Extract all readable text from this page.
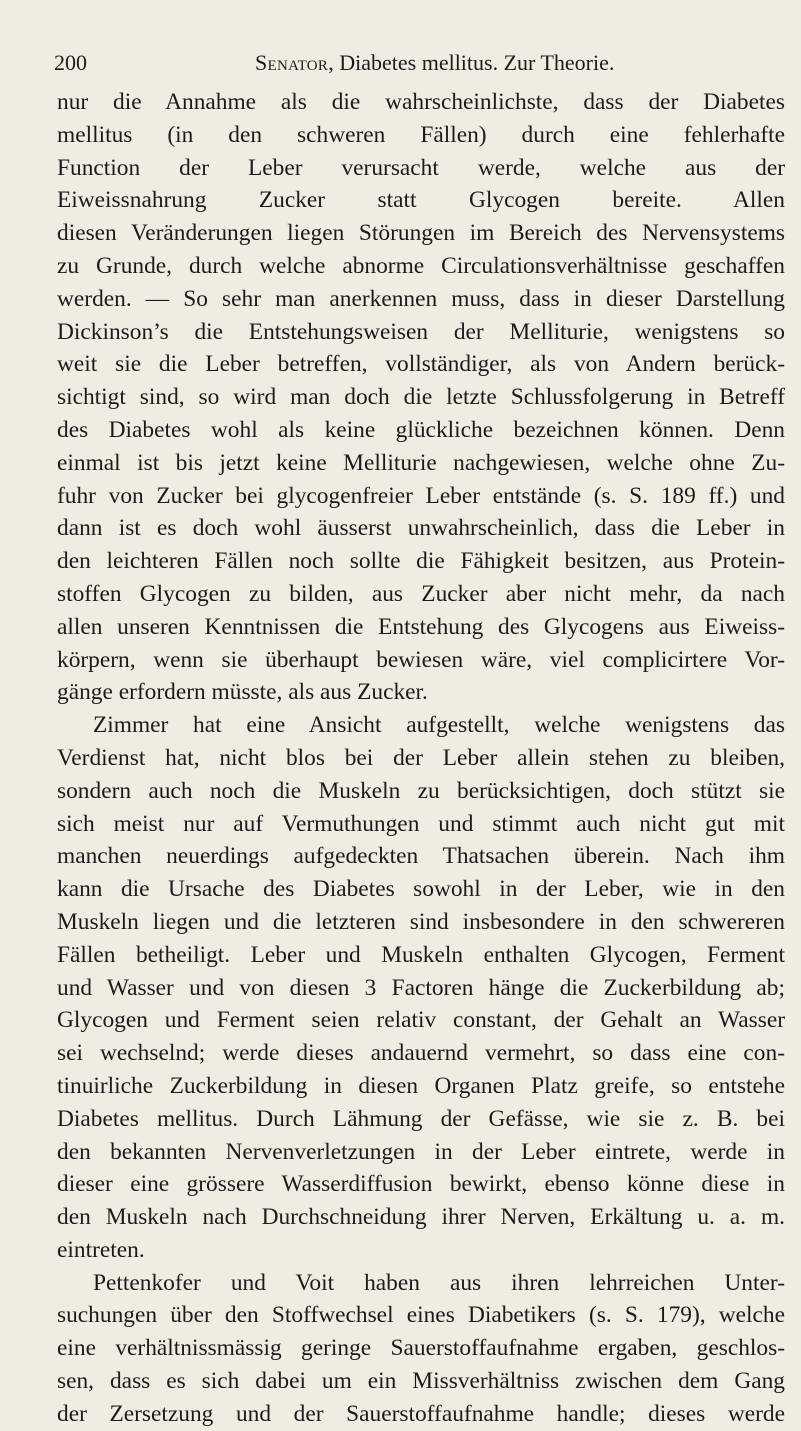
200	Senator, Diabetes mellitus. Zur Theorie.
nur die Annahme als die wahrscheinlichste, dass der Diabetes
mellitus (in den schweren Fällen) durch eine fehlerhafte
Function der Leber verursacht werde, welche aus der
Eiweissnahrung Zucker statt Glycogen bereite. Allen
diesen Veränderungen liegen Störungen im Bereich des Nervensystems
zu Grunde, durch welche abnorme Circulationsverhältnisse geschaffen
werden. — So sehr man anerkennen muss, dass in dieser Darstellung
Dickinson’s die Entstehungsweisen der Melliturie, wenigstens so
weit sie die Leber betreffen, vollständiger, als von Andern berück-
sichtigt sind, so wird man doch die letzte Schlussfolgerung in Betreff
des Diabetes wohl als keine glückliche bezeichnen können. Denn
einmal ist bis jetzt keine Melliturie nachgewiesen, welche ohne Zu-
fuhr von Zucker bei glycogenfreier Leber entstände (s. S. 189 ff.) und
dann ist es doch wohl äusserst unwahrscheinlich, dass die Leber in
den leichteren Fällen noch sollte die Fähigkeit besitzen, aus Protein-
stoffen Glycogen zu bilden, aus Zucker aber nicht mehr, da nach
allen unseren Kenntnissen die Entstehung des Glycogens aus Eiweiss-
körpern, wenn sie überhaupt bewiesen wäre, viel complicirtere Vor-
gänge erfordern müsste, als aus Zucker.
Zimmer hat eine Ansicht aufgestellt, welche wenigstens das
Verdienst hat, nicht blos bei der Leber allein stehen zu bleiben,
sondern auch noch die Muskeln zu berücksichtigen, doch stützt sie
sich meist nur auf Vermuthungen und stimmt auch nicht gut mit
manchen neuerdings aufgedeckten Thatsachen überein. Nach ihm
kann die Ursache des Diabetes sowohl in der Leber, wie in den
Muskeln liegen und die letzteren sind insbesondere in den schwereren
Fällen betheiligt. Leber und Muskeln enthalten Glycogen, Ferment
und Wasser und von diesen 3 Factoren hänge die Zuckerbildung ab;
Glycogen und Ferment seien relativ constant, der Gehalt an Wasser
sei wechselnd; werde dieses andauernd vermehrt, so dass eine con-
tinuirliche Zuckerbildung in diesen Organen Platz greife, so entstehe
Diabetes mellitus. Durch Lähmung der Gefässe, wie sie z. B. bei
den bekannten Nervenverletzungen in der Leber eintrete, werde in
dieser eine grössere Wasserdiffusion bewirkt, ebenso könne diese in
den Muskeln nach Durchschneidung ihrer Nerven, Erkältung u. a. m.
eintreten.
Pettenkofer und Voit haben aus ihren lehrreichen Unter-
suchungen über den Stoffwechsel eines Diabetikers (s. S. 179), welche
eine verhältnissmässig geringe Sauerstoffaufnahme ergaben, geschlos-
sen, dass es sich dabei um ein Missverhältniss zwischen dem Gang
der Zersetzung und der Sauerstoffaufnahme handle; dieses werde
